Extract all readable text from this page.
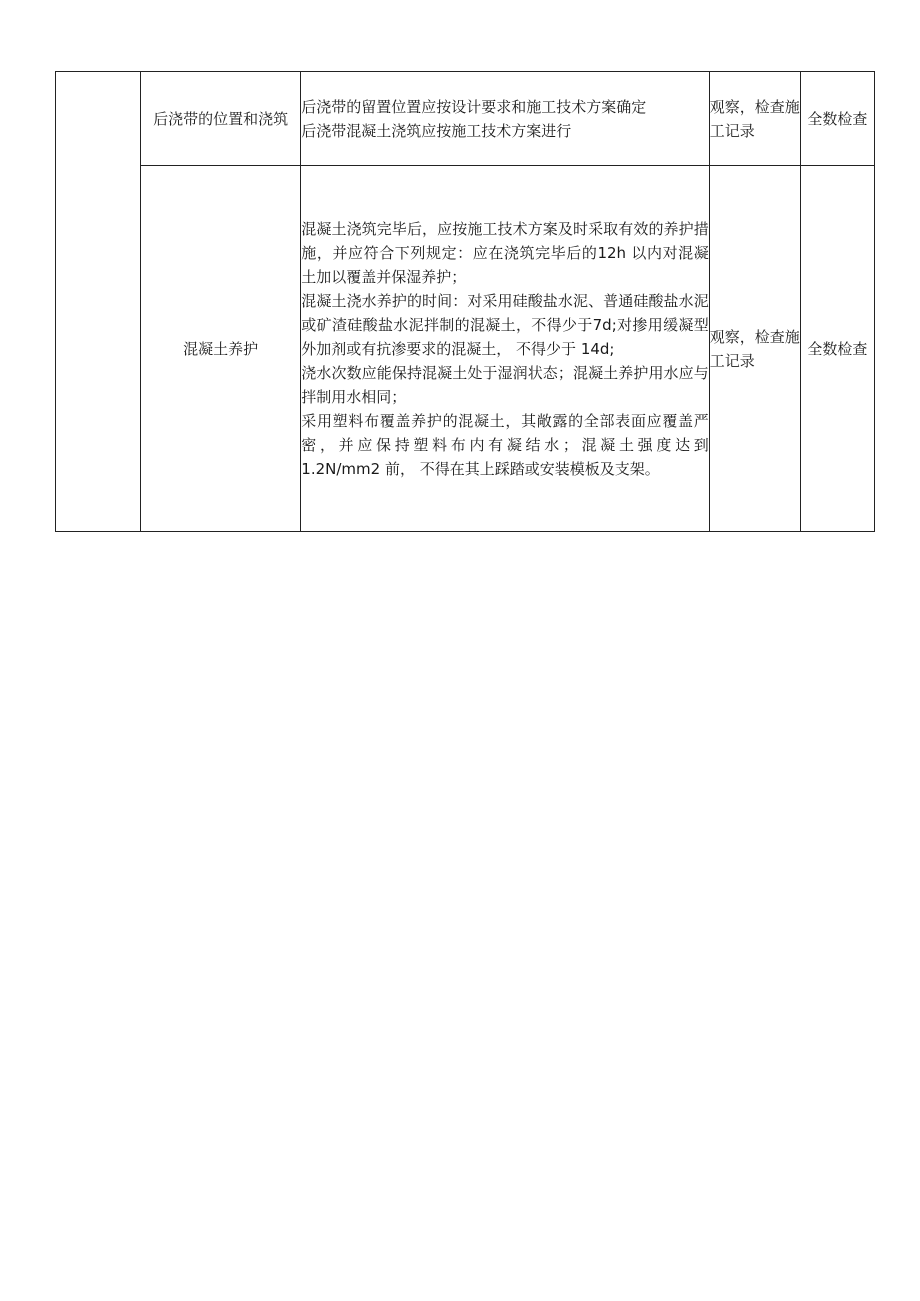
	后浇带的位置和浇筑	后浇带的留置位置应按设计要求和施工技术方案确定
后浇带混凝土浇筑应按施工技术方案进行	观察，检查施工记录	全数检查
	混凝土养护	混凝土浇筑完毕后，应按施工技术方案及时采取有效的养护措施，并应符合下列规定：应在浇筑完毕后的12h 以内对混凝土加以覆盖并保湿养护；
混凝土浇水养护的时间：对采用硅酸盐水泥、普通硅酸盐水泥或矿渣硅酸盐水泥拌制的混凝土，不得少于7d;对掺用缓凝型外加剂或有抗渗要求的混凝土， 不得少于 14d;
浇水次数应能保持混凝土处于湿润状态；混凝土养护用水应与拌制用水相同；
采用塑料布覆盖养护的混凝土，其敞露的全部表面应覆盖严密，并应保持塑料布内有凝结水；混凝土强度达到 1.2N/mm2 前， 不得在其上踩踏或安装模板及支架。	观察，检查施工记录	全数检查
